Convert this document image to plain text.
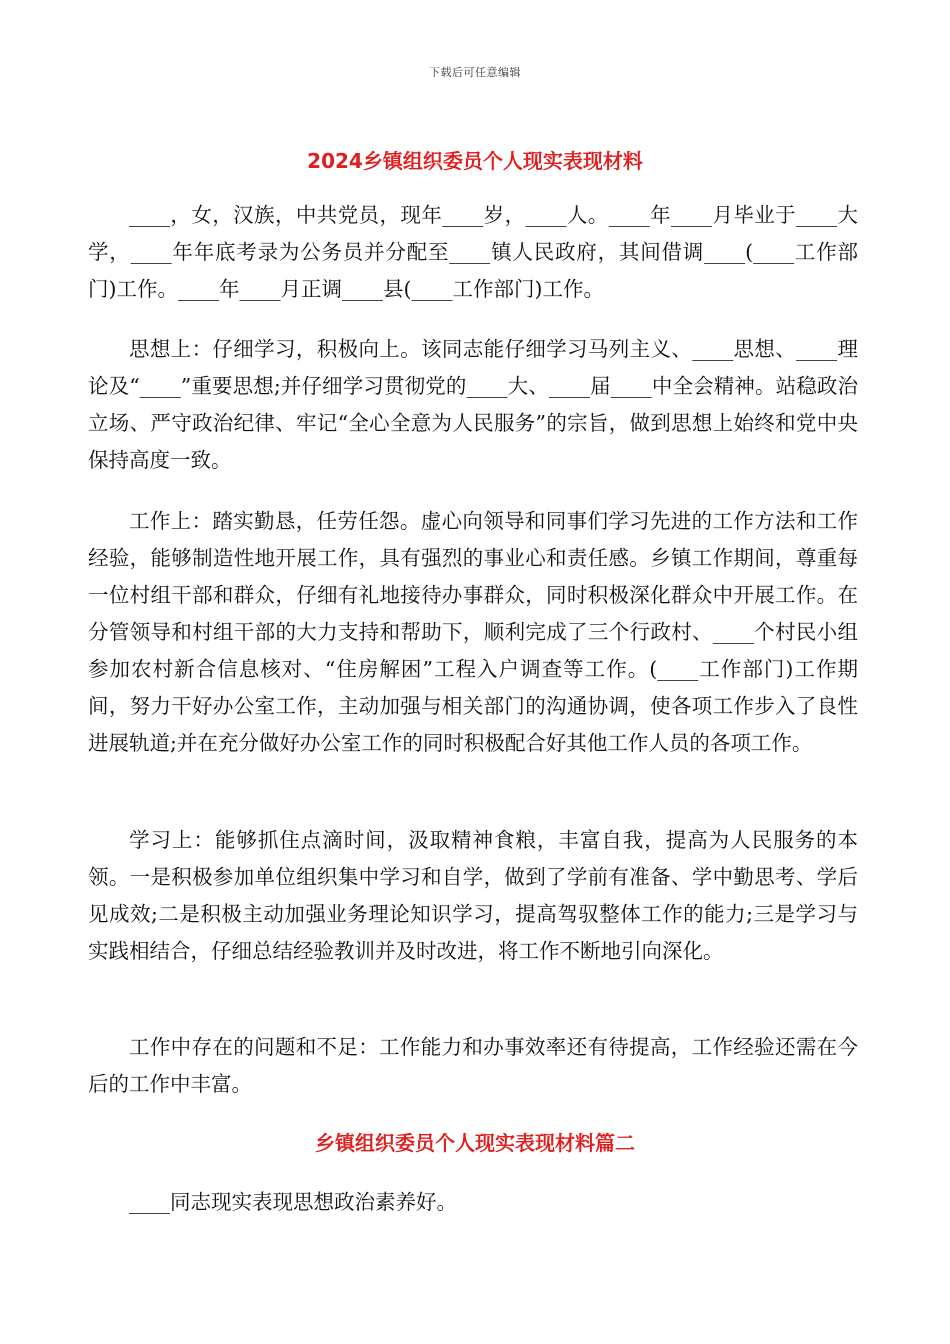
下载后可任意编辑
2024乡镇组织委员个人现实表现材料
____，女，汉族，中共党员，现年____岁，____人。____年____月毕业于____大学，____年年底考录为公务员并分配至____镇人民政府，其间借调____(____工作部门)工作。____年____月正调____县(____工作部门)工作。
思想上：仔细学习，积极向上。该同志能仔细学习马列主义、____思想、____理论及“____”重要思想;并仔细学习贯彻党的____大、____届____中全会精神。站稳政治立场、严守政治纪律、牢记“全心全意为人民服务”的宗旨，做到思想上始终和党中央保持高度一致。
工作上：踏实勤恳，任劳任怨。虚心向领导和同事们学习先进的工作方法和工作经验，能够制造性地开展工作，具有强烈的事业心和责任感。乡镇工作期间，尊重每一位村组干部和群众，仔细有礼地接待办事群众，同时积极深化群众中开展工作。在分管领导和村组干部的大力支持和帮助下，顺利完成了三个行政村、____个村民小组参加农村新合信息核对、“住房解困”工程入户调查等工作。(____工作部门)工作期间，努力干好办公室工作，主动加强与相关部门的沟通协调，使各项工作步入了良性进展轨道;并在充分做好办公室工作的同时积极配合好其他工作人员的各项工作。
学习上：能够抓住点滴时间，汲取精神食粮，丰富自我，提高为人民服务的本领。一是积极参加单位组织集中学习和自学，做到了学前有准备、学中勤思考、学后见成效;二是积极主动加强业务理论知识学习，提高驾驭整体工作的能力;三是学习与实践相结合，仔细总结经验教训并及时改进，将工作不断地引向深化。
工作中存在的问题和不足：工作能力和办事效率还有待提高，工作经验还需在今后的工作中丰富。
乡镇组织委员个人现实表现材料篇二
____同志现实表现思想政治素养好。
